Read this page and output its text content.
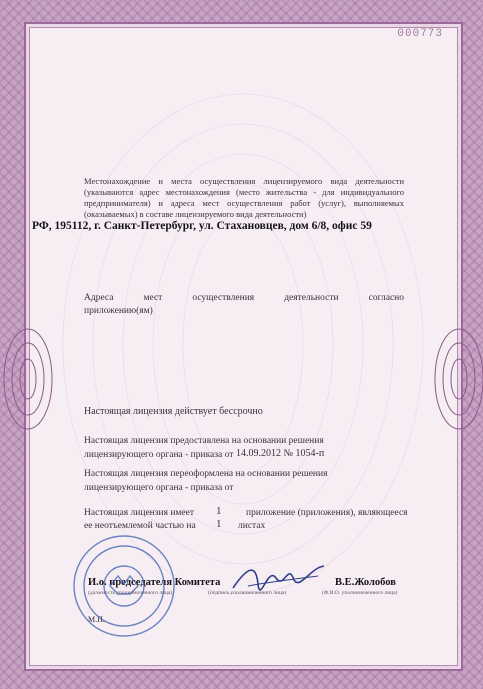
000773
Местонахождение и места осуществления лицензируемого вида деятельности (указываются адрес местонахождения (место жительства - для индивидуального предпринимателя) и адреса мест осуществления работ (услуг), выполняемых (оказываемых) в составе лицензируемого вида деятельности)
РФ, 195112, г. Санкт-Петербург, ул. Стахановцев, дом 6/8, офис 59
Адреса мест осуществления деятельности согласно
приложению(ям)
Настоящая лицензия действует бессрочно
Настоящая лицензия предоставлена на основании решения
лицензирующего органа - приказа от 14.09.2012 № 1054-п
Настоящая лицензия переоформлена на основании решения
лицензирующего органа - приказа от
Настоящая лицензия имеет 1	приложение (приложения), являющееся
ее неотъемлемой частью на 1 листах
И.о. председателя Комитета
(должность уполномоченного лица)	(подпись уполномоченного лица)
В.Е.Жолобов
(Ф.И.О. уполномоченного лица)
М.П.
